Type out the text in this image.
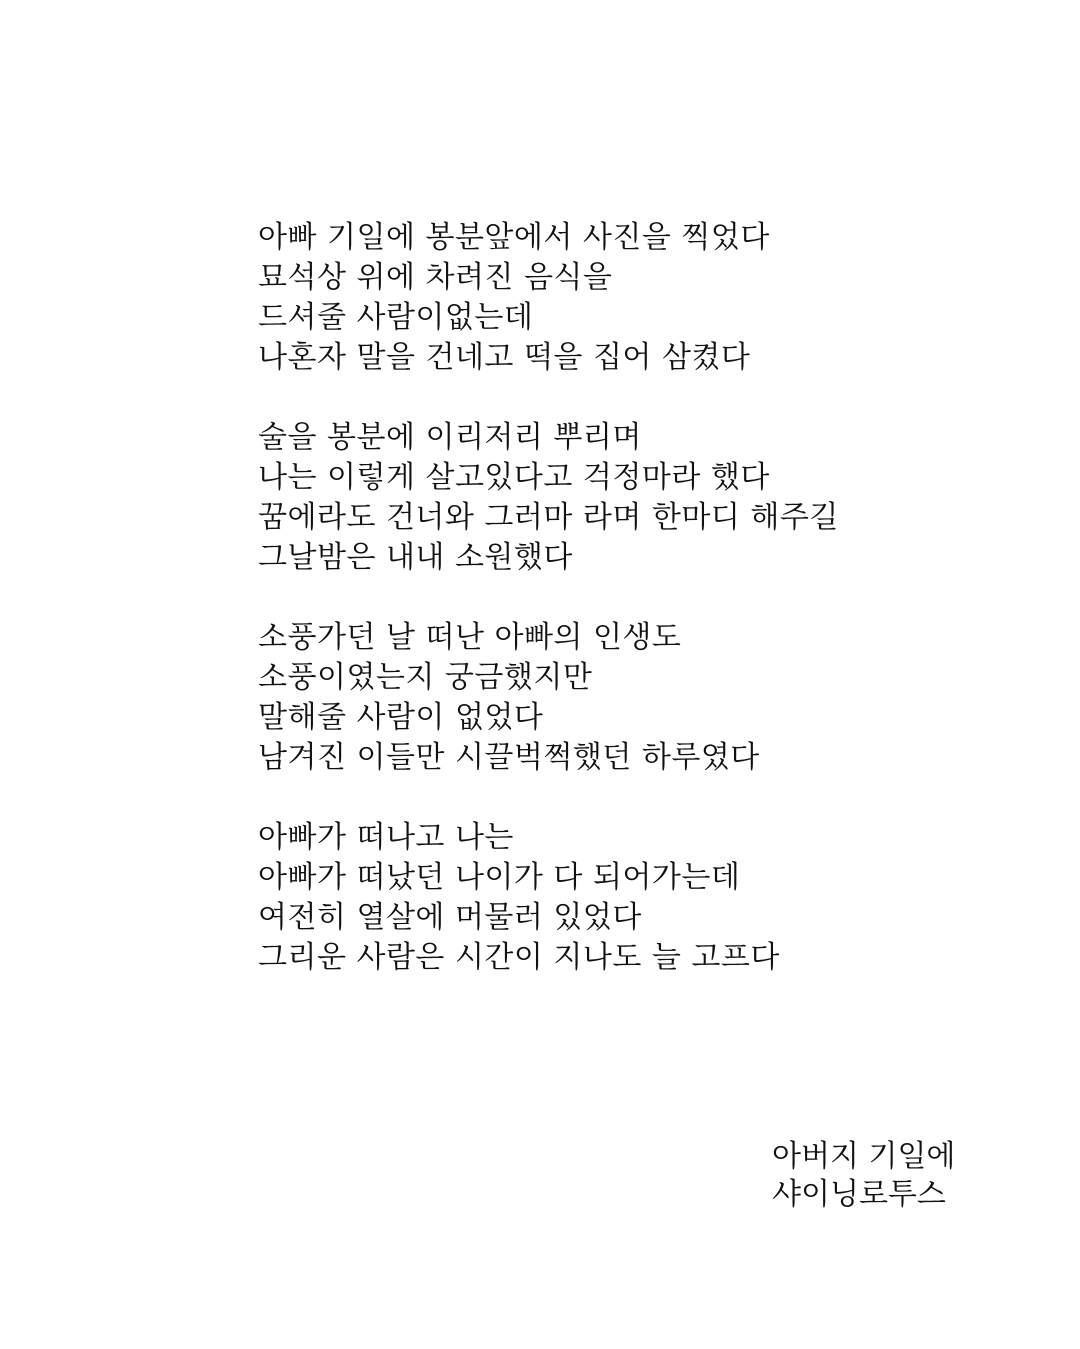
아빠 기일에 봉분앞에서 사진을 찍었다
묘석상 위에 차려진 음식을
드셔줄 사람이없는데
나혼자 말을 건네고 떡을 집어 삼켰다
술을 봉분에 이리저리 뿌리며
나는 이렇게 살고있다고 걱정마라 했다
꿈에라도 건너와 그러마 라며 한마디 해주길
그날밤은 내내 소원했다
소풍가던 날 떠난 아빠의 인생도
소풍이였는지 궁금했지만
말해줄 사람이 없었다
남겨진 이들만 시끌벅쩍했던 하루였다
아빠가 떠나고 나는
아빠가 떠났던 나이가 다 되어가는데
여전히 열살에 머물러 있었다
그리운 사람은 시간이 지나도 늘 고프다
아버지 기일에
샤이닝로투스
